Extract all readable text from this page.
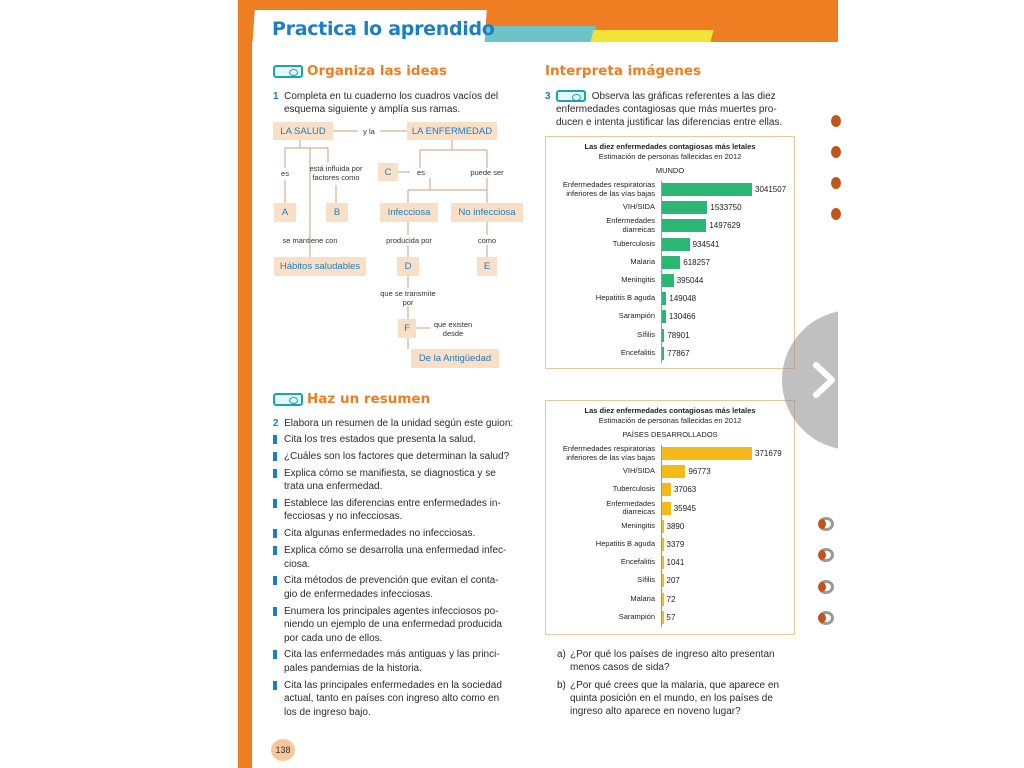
Practica lo aprendido
Organiza las ideas
1 Completa en tu cuaderno los cuadros vacíos del
esquema siguiente y amplía sus ramas.
LA SALUD	y la	LA ENFERMEDAD
es
está influida por
factores como	C	es	puede ser
A	B	Infecciosa	No infecciosa
se mantiene con	producida por	como
Hábitos saludables	D	E
que se transmite
por
F	que existen
desde
De la Antigüedad
Haz un resumen
2 Elabora un resumen de la unidad según este guion:
Cita los tres estados que presenta la salud.
¿Cuáles son los factores que determinan la salud?
Explica cómo se manifiesta, se diagnostica y se
trata una enfermedad.
Establece las diferencias entre enfermedades in-
fecciosas y no infecciosas.
Cita algunas enfermedades no infecciosas.
Explica cómo se desarrolla una enfermedad infec-
ciosa.
Cita métodos de prevención que evitan el conta-
gio de enfermedades infecciosas.
Enumera los principales agentes infecciosos po-
niendo un ejemplo de una enfermedad producida
por cada uno de ellos.
Cita las enfermedades más antiguas y las princi-
pales pandemias de la historia.
Cita las principales enfermedades en la sociedad
actual, tanto en países con ingreso alto como en
los de ingreso bajo.
Interpreta imágenes
3	Observa las gráficas referentes a las diez
enfermedades contagiosas que más muertes pro-
ducen e intenta justificar las diferencias entre ellas.
Las diez enfermedades contagiosas más letales
Estimación de personas fallecidas en 2012
MUNDO
Enfermedades respiratorias
inferiores de las vías bajas	3041507
VIH/SIDA	1533750
Enfermedades
diarreicas	1497629
Tuberculosis	934541
Malaria	618257
Meningitis	395044
Hepatitis B aguda 149048
Sarampión 130466
Sífilis 78901
Encefalitis 77867
Las diez enfermedades contagiosas más letales
Estimación de personas fallecidas en 2012
PAÍSES DESARROLLADOS
Enfermedades respiratorias
inferiores de las vías bajas	371679
VIH/SIDA	96773
Tuberculosis 37063
Enfermedades
diarreicas 35945
Meningitis 3890
Hepatitis B aguda 3379
Encefalitis 1041
Sífilis 207
Malaria 72
Sarampión 57
a) ¿Por qué los países de ingreso alto presentan
menos casos de sida?
b) ¿Por qué crees que la malaria, que aparece en
quinta posición en el mundo, en los países de
ingreso alto aparece en noveno lugar?
138
